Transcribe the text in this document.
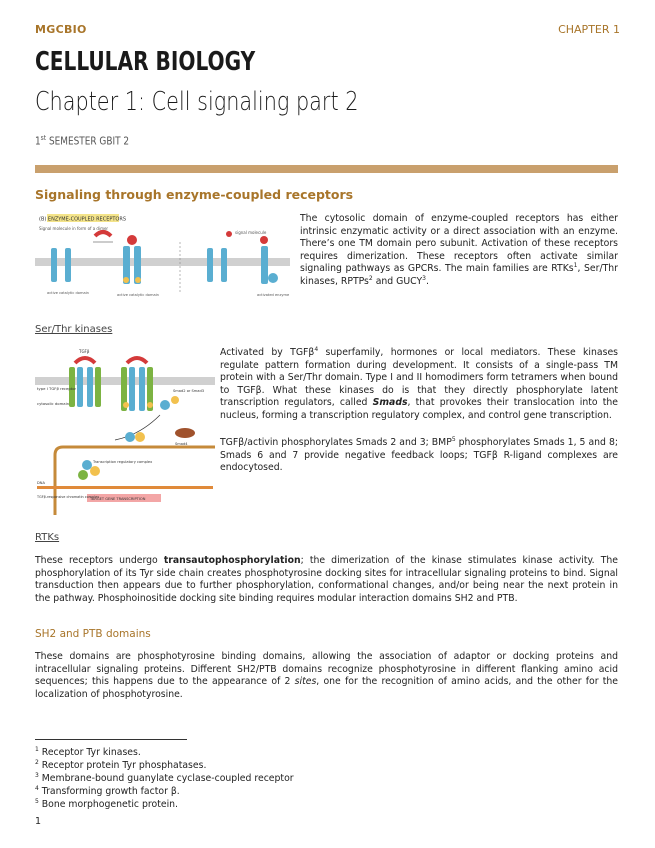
MGCBIO	CHAPTER 1
CELLULAR BIOLOGY
Chapter 1: Cell signaling part 2
1st SEMESTER GBIT 2
Signaling through enzyme-coupled receptors
(B) ENZYME-COUPLED RECEPTORS
Signal molecule in form of a dimer
signal molecule
active catalytic domain	active catalytic domain	activated enzyme
The cytosolic domain of enzyme-coupled receptors has either intrinsic enzymatic activity or a direct association with an enzyme. There’s one TM domain pero subunit. Activation of these receptors requires dimerization. These receptors often activate similar signaling pathways as GPCRs. The main families are RTKs$^1$, Ser/Thr kinases, RPTPs$^2$ and GUCY$^3$.
Ser/Thr kinases
TGFβ
type I TGFβ receptor
cytosolic domain
Smad2 or Smad3
Smad4
Transcription regulatory complex
DNA
TARGET GENE TRANSCRIPTION
TGFβ-responsive chromatin complex
Activated by TGFβ$^4$ superfamily, hormones or local mediators. These kinases regulate pattern formation during development. It consists of a single-pass TM protein with a Ser/Thr domain. Type I and II homodimers form tetramers when bound to TGFβ. What these kinases do is that they directly phosphorylate latent transcription regulators, called Smads, that provokes their translocation into the nucleus, forming a transcription regulatory complex, and control gene transcription.
TGFβ/activin phosphorylates Smads 2 and 3; BMP$^5$ phosphorylates Smads 1, 5 and 8; Smads 6 and 7 provide negative feedback loops; TGFβ R-ligand complexes are endocytosed.
RTKs
These receptors undergo transautophosphorylation; the dimerization of the kinase stimulates kinase activity. The phosphorylation of its Tyr side chain creates phosphotyrosine docking sites for intracellular signaling proteins to bind. Signal transduction then appears due to further phosphorylation, conformational changes, and/or being near the next protein in the pathway. Phosphoinositide docking site binding requires modular interaction domains SH2 and PTB.
SH2 and PTB domains
These domains are phosphotyrosine binding domains, allowing the association of adaptor or docking proteins and intracellular signaling proteins. Different SH2/PTB domains recognize phosphotyrosine in different flanking amino acid sequences; this happens due to the appearance of 2 sites, one for the recognition of amino acids, and the other for the localization of phosphotyrosine.
$^1$ Receptor Tyr kinases.
$^2$ Receptor protein Tyr phosphatases.
$^3$ Membrane-bound guanylate cyclase-coupled receptor
$^4$ Transforming growth factor β.
$^5$ Bone morphogenetic protein.
1
